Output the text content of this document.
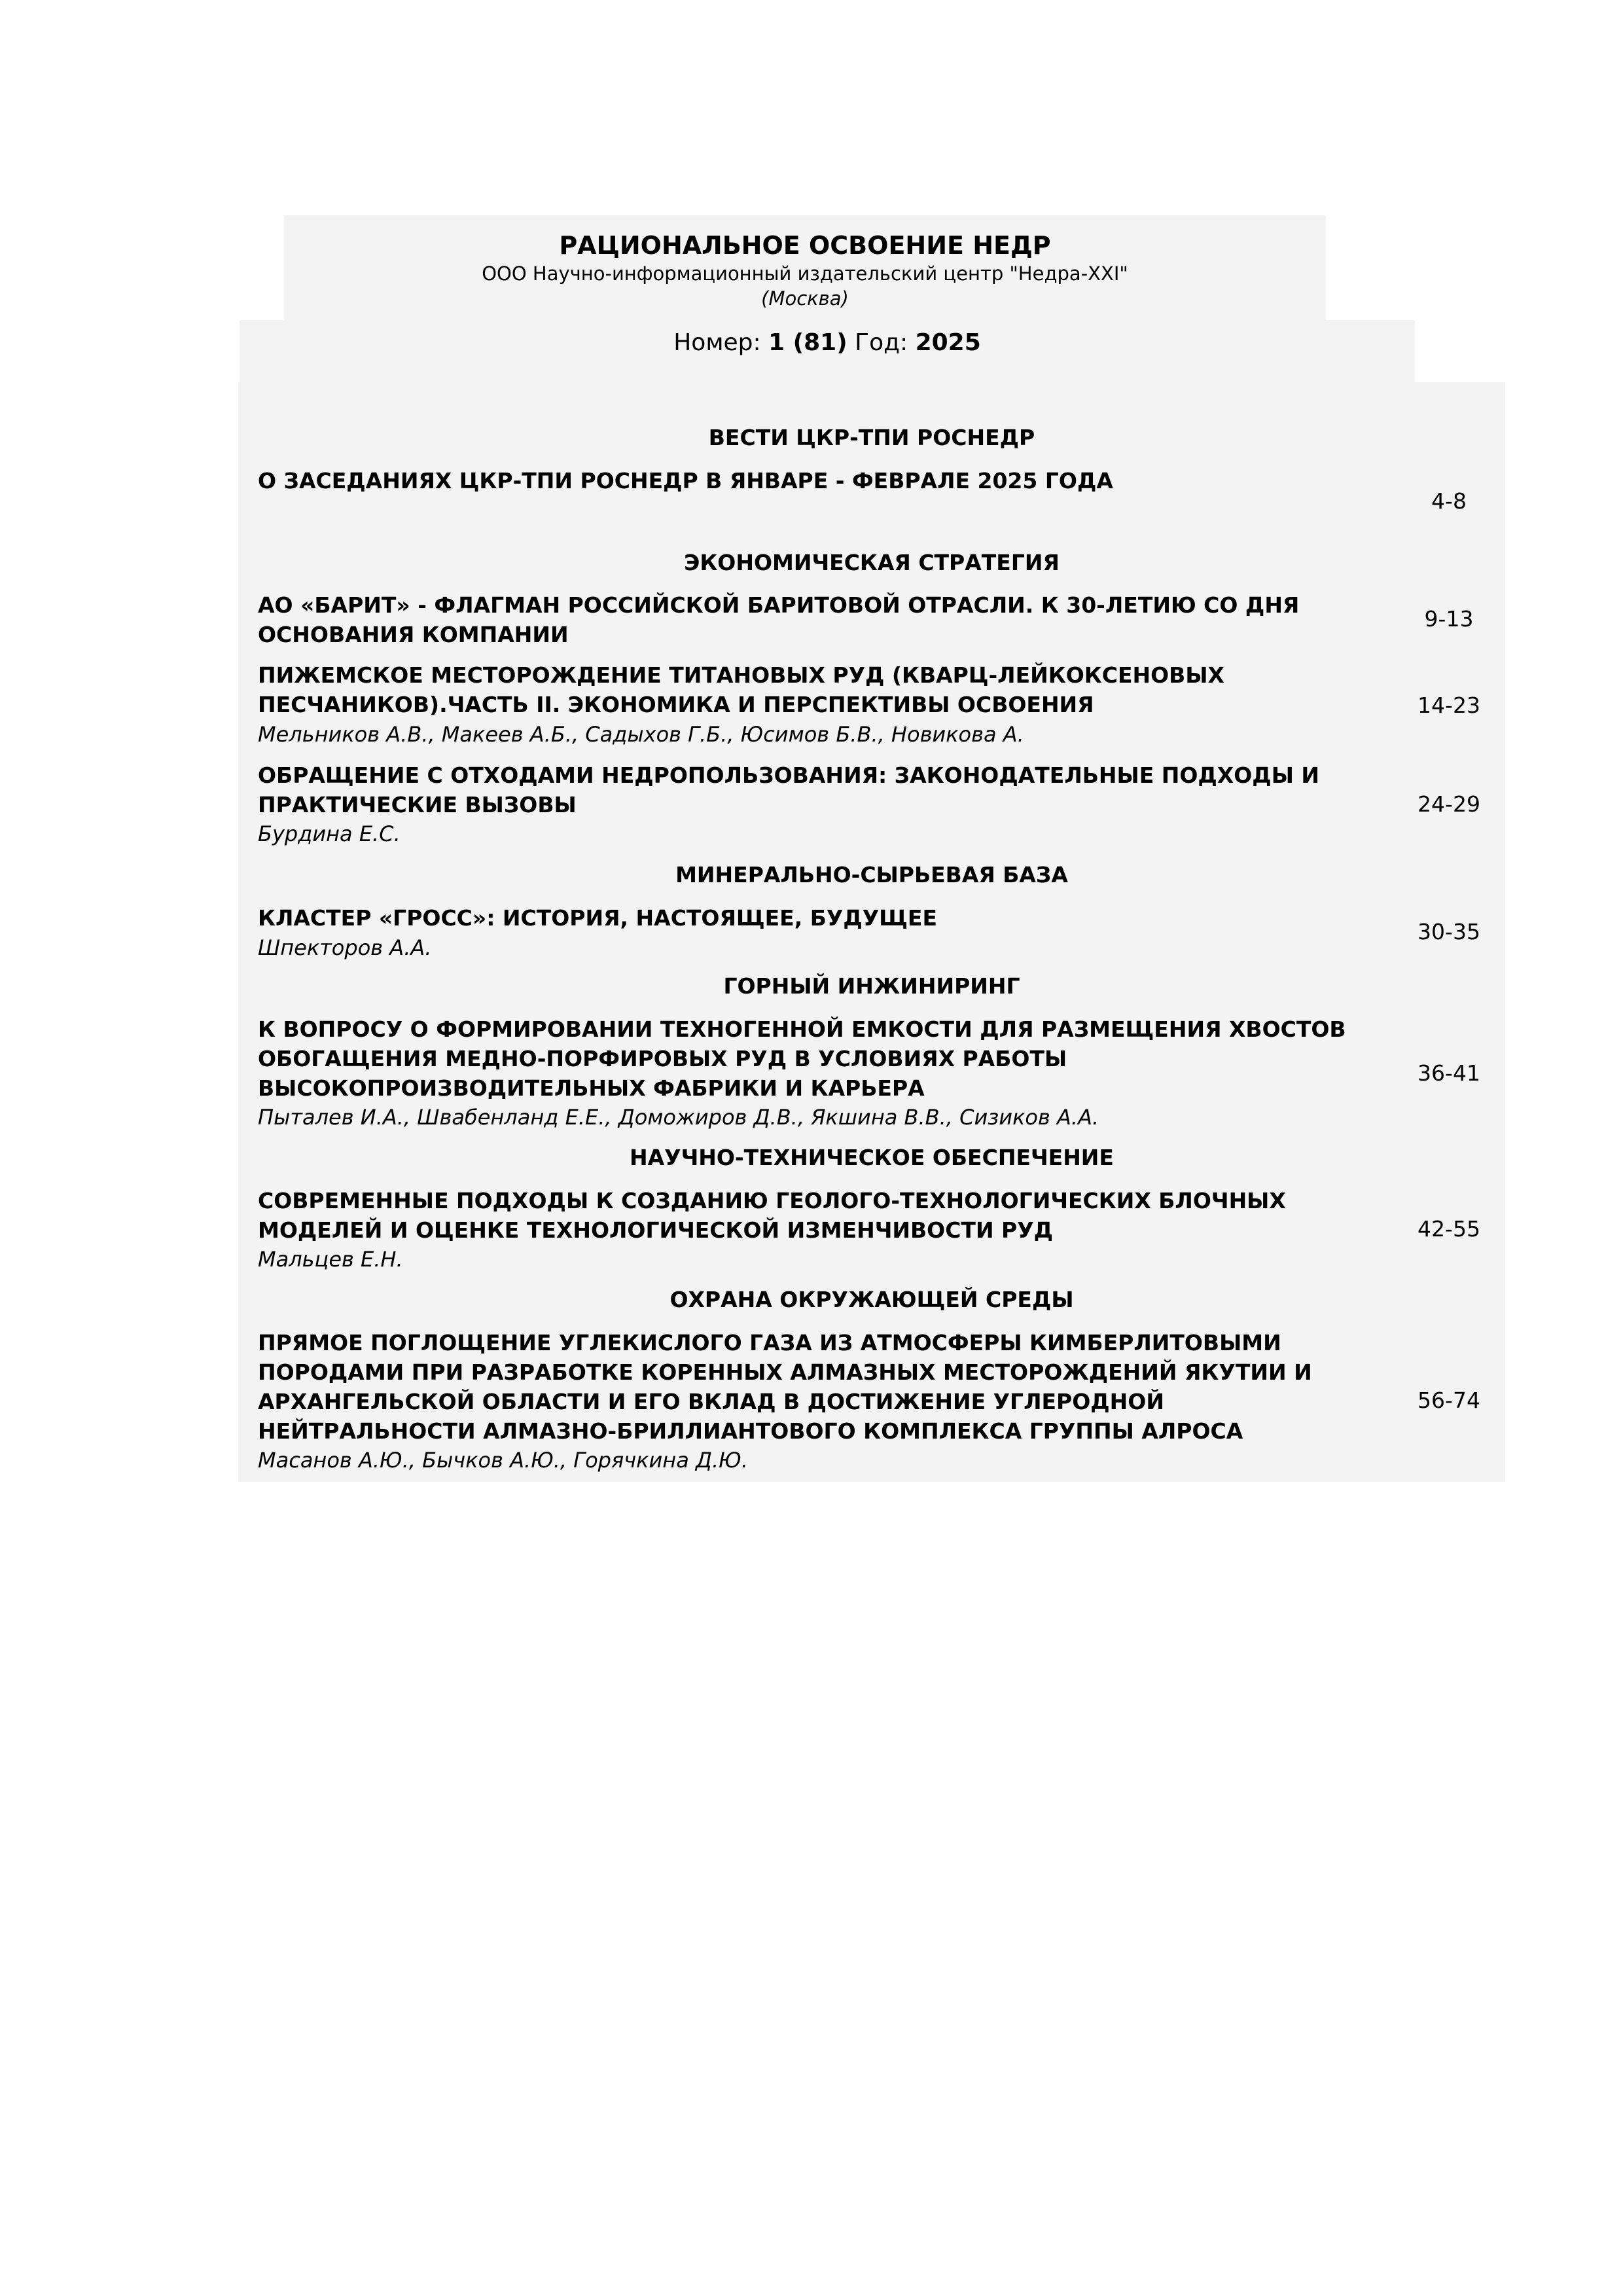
РАЦИОНАЛЬНОЕ ОСВОЕНИЕ НЕДР
ООО Научно-информационный издательский центр "Недра-XXI"
(Москва)
Номер: 1 (81) Год: 2025
ВЕСТИ ЦКР-ТПИ РОСНЕДР
О ЗАСЕДАНИЯХ ЦКР-ТПИ РОСНЕДР В ЯНВАРЕ - ФЕВРАЛЕ 2025 ГОДА
4-8
ЭКОНОМИЧЕСКАЯ СТРАТЕГИЯ
АО «БАРИТ» - ФЛАГМАН РОССИЙСКОЙ БАРИТОВОЙ ОТРАСЛИ. К 30-ЛЕТИЮ СО ДНЯ ОСНОВАНИЯ КОМПАНИИ
9-13
ПИЖЕМСКОЕ МЕСТОРОЖДЕНИЕ ТИТАНОВЫХ РУД (КВАРЦ-ЛЕЙКОКСЕНОВЫХ ПЕСЧАНИКОВ).ЧАСТЬ II. ЭКОНОМИКА И ПЕРСПЕКТИВЫ ОСВОЕНИЯ
Мельников А.В., Макеев А.Б., Садыхов Г.Б., Юсимов Б.В., Новикова А.
14-23
ОБРАЩЕНИЕ С ОТХОДАМИ НЕДРОПОЛЬЗОВАНИЯ: ЗАКОНОДАТЕЛЬНЫЕ ПОДХОДЫ И ПРАКТИЧЕСКИЕ ВЫЗОВЫ
Бурдина Е.С.
24-29
МИНЕРАЛЬНО-СЫРЬЕВАЯ БАЗА
КЛАСТЕР «ГРОСС»: ИСТОРИЯ, НАСТОЯЩЕЕ, БУДУЩЕЕ
Шпекторов А.А.
30-35
ГОРНЫЙ ИНЖИНИРИНГ
К ВОПРОСУ О ФОРМИРОВАНИИ ТЕХНОГЕННОЙ ЕМКОСТИ ДЛЯ РАЗМЕЩЕНИЯ ХВОСТОВ ОБОГАЩЕНИЯ МЕДНО-ПОРФИРОВЫХ РУД В УСЛОВИЯХ РАБОТЫ ВЫСОКОПРОИЗВОДИТЕЛЬНЫХ ФАБРИКИ И КАРЬЕРА
Пыталев И.А., Швабенланд Е.Е., Доможиров Д.В., Якшина В.В., Сизиков А.А.
36-41
НАУЧНО-ТЕХНИЧЕСКОЕ ОБЕСПЕЧЕНИЕ
СОВРЕМЕННЫЕ ПОДХОДЫ К СОЗДАНИЮ ГЕОЛОГО-ТЕХНОЛОГИЧЕСКИХ БЛОЧНЫХ МОДЕЛЕЙ И ОЦЕНКЕ ТЕХНОЛОГИЧЕСКОЙ ИЗМЕНЧИВОСТИ РУД
Мальцев Е.Н.
42-55
ОХРАНА ОКРУЖАЮЩЕЙ СРЕДЫ
ПРЯМОЕ ПОГЛОЩЕНИЕ УГЛЕКИСЛОГО ГАЗА ИЗ АТМОСФЕРЫ КИМБЕРЛИТОВЫМИ ПОРОДАМИ ПРИ РАЗРАБОТКЕ КОРЕННЫХ АЛМАЗНЫХ МЕСТОРОЖДЕНИЙ ЯКУТИИ И АРХАНГЕЛЬСКОЙ ОБЛАСТИ И ЕГО ВКЛАД В ДОСТИЖЕНИЕ УГЛЕРОДНОЙ НЕЙТРАЛЬНОСТИ АЛМАЗНО-БРИЛЛИАНТОВОГО КОМПЛЕКСА ГРУППЫ АЛРОСА
Масанов А.Ю., Бычков А.Ю., Горячкина Д.Ю.
56-74
